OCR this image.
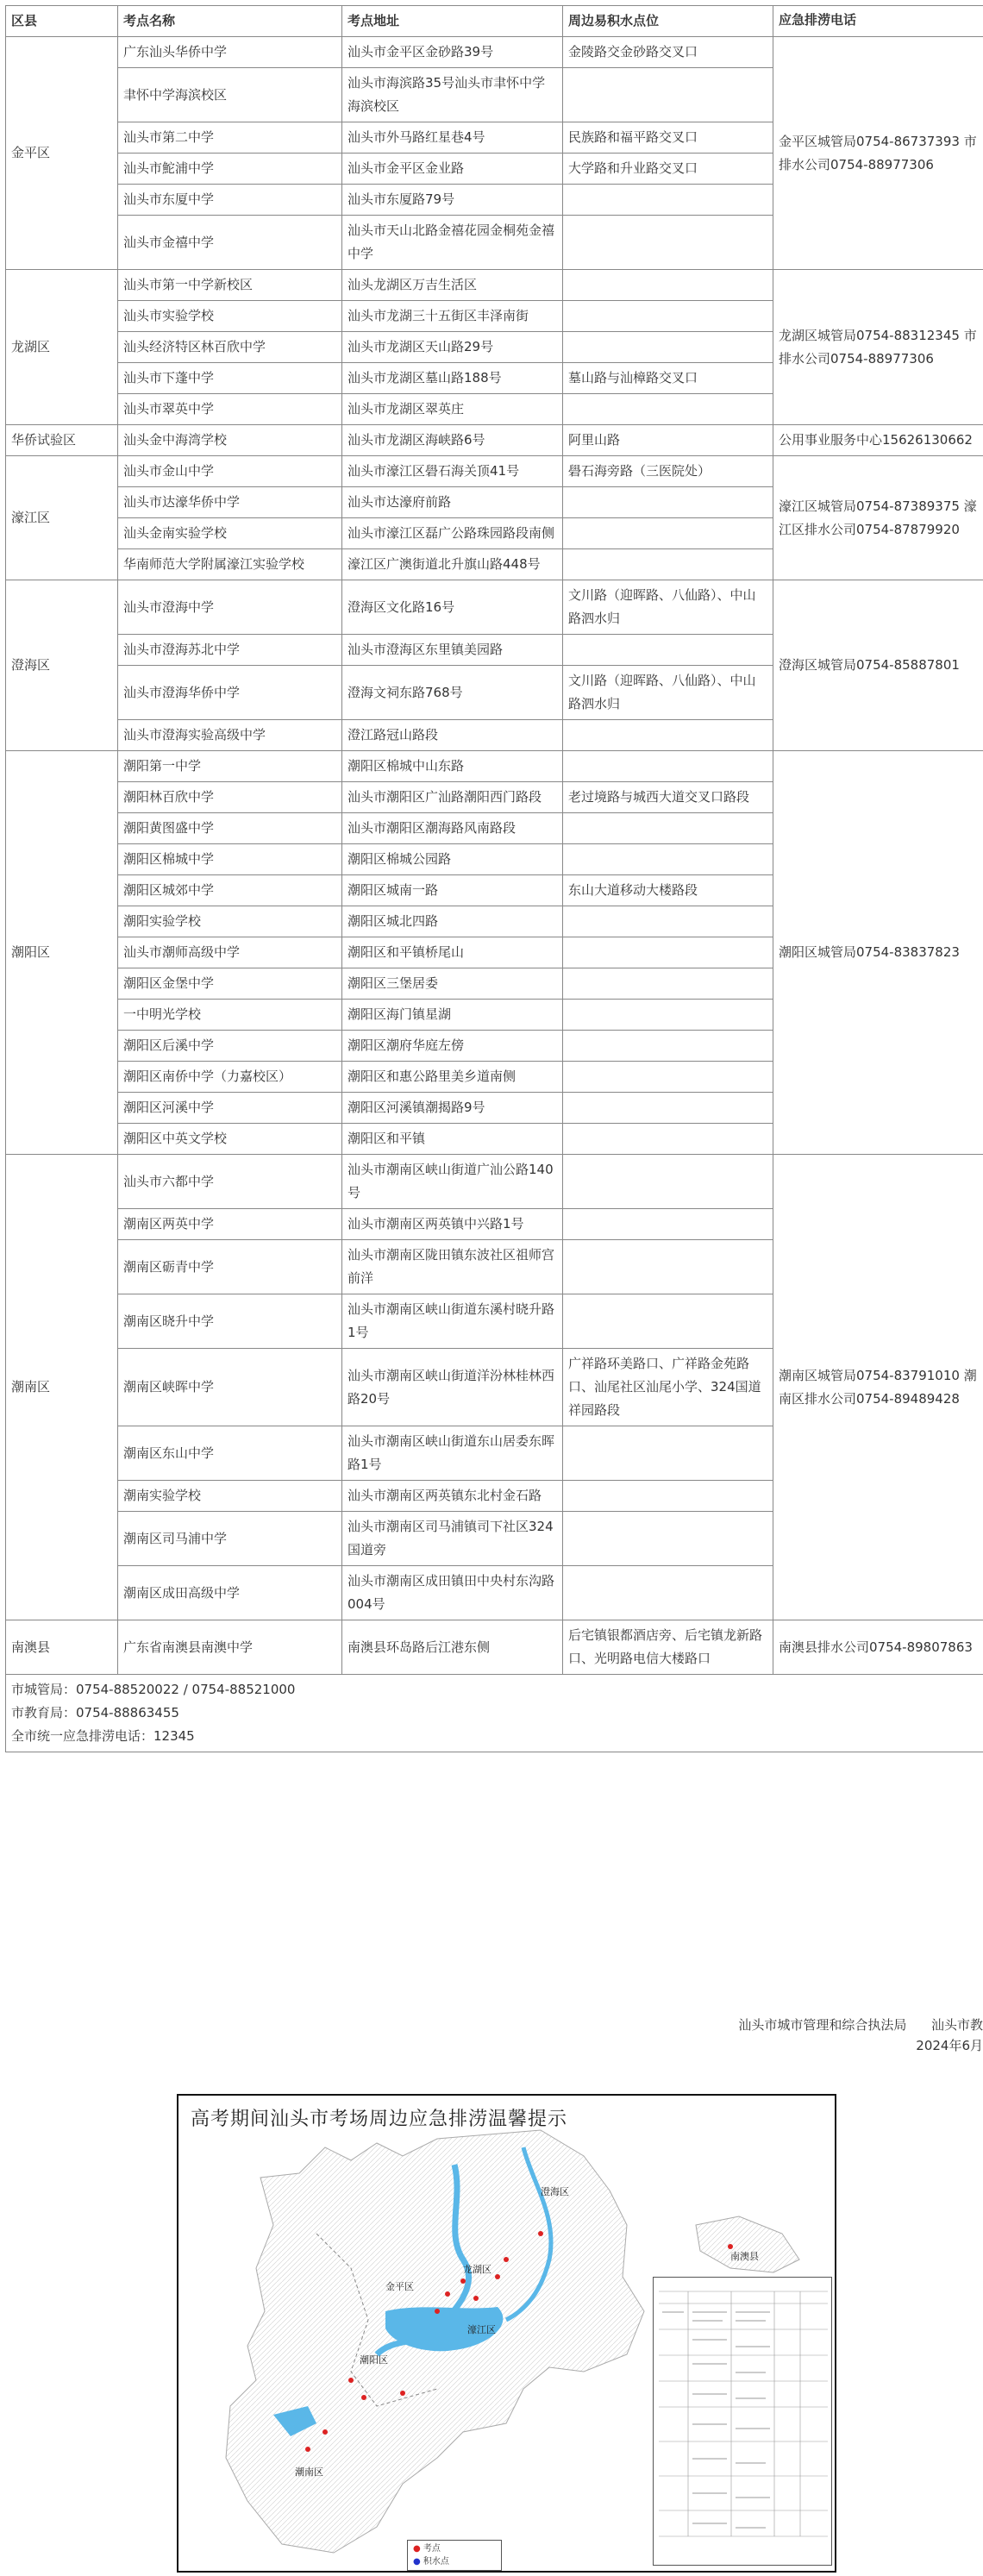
区县	考点名称	考点地址	周边易积水点位	应急排涝电话
金平区	广东汕头华侨中学	汕头市金平区金砂路39号	金陵路交金砂路交叉口	金平区城管局0754-86737393 市排水公司0754-88977306
	聿怀中学海滨校区	汕头市海滨路35号汕头市聿怀中学海滨校区		
	汕头市第二中学	汕头市外马路红星巷4号	民族路和福平路交叉口	
	汕头市鮀浦中学	汕头市金平区金业路	大学路和升业路交叉口	
	汕头市东厦中学	汕头市东厦路79号		
	汕头市金禧中学	汕头市天山北路金禧花园金桐苑金禧中学		
龙湖区	汕头市第一中学新校区	汕头龙湖区万吉生活区		龙湖区城管局0754-88312345 市排水公司0754-88977306
	汕头市实验学校	汕头市龙湖三十五街区丰泽南街		
	汕头经济特区林百欣中学	汕头市龙湖区天山路29号		
	汕头市下蓬中学	汕头市龙湖区墓山路188号	墓山路与汕樟路交叉口	
	汕头市翠英中学	汕头市龙湖区翠英庄		
华侨试验区	汕头金中海湾学校	汕头市龙湖区海峡路6号	阿里山路	公用事业服务中心15626130662
濠江区	汕头市金山中学	汕头市濠江区礐石海关顶41号	礐石海旁路（三医院处）	濠江区城管局0754-87389375 濠江区排水公司0754-87879920
	汕头市达濠华侨中学	汕头市达濠府前路		
	汕头金南实验学校	汕头市濠江区磊广公路珠园路段南侧		
	华南师范大学附属濠江实验学校	濠江区广澳街道北升旗山路448号		
澄海区	汕头市澄海中学	澄海区文化路16号	文川路（迎晖路、八仙路）、中山路泗水归	澄海区城管局0754-85887801
	汕头市澄海苏北中学	汕头市澄海区东里镇美园路		
	汕头市澄海华侨中学	澄海文祠东路768号	文川路（迎晖路、八仙路）、中山路泗水归	
	汕头市澄海实验高级中学	澄江路冠山路段		
潮阳区	潮阳第一中学	潮阳区棉城中山东路		潮阳区城管局0754-83837823
	潮阳林百欣中学	汕头市潮阳区广汕路潮阳西门路段	老过境路与城西大道交叉口路段	
	潮阳黄图盛中学	汕头市潮阳区潮海路风南路段		
	潮阳区棉城中学	潮阳区棉城公园路		
	潮阳区城郊中学	潮阳区城南一路	东山大道移动大楼路段	
	潮阳实验学校	潮阳区城北四路		
	汕头市潮师高级中学	潮阳区和平镇桥尾山		
	潮阳区金堡中学	潮阳区三堡居委		
	一中明光学校	潮阳区海门镇星湖		
	潮阳区后溪中学	潮阳区潮府华庭左傍		
	潮阳区南侨中学（力嘉校区）	潮阳区和惠公路里美乡道南侧		
	潮阳区河溪中学	潮阳区河溪镇潮揭路9号		
	潮阳区中英文学校	潮阳区和平镇		
潮南区	汕头市六都中学	汕头市潮南区峡山街道广汕公路140号		潮南区城管局0754-83791010 潮南区排水公司0754-89489428
	潮南区两英中学	汕头市潮南区两英镇中兴路1号		
	潮南区砺青中学	汕头市潮南区陇田镇东波社区祖师宫前洋		
	潮南区晓升中学	汕头市潮南区峡山街道东溪村晓升路1号		
	潮南区峡晖中学	汕头市潮南区峡山街道洋汾林桂林西路20号	广祥路环美路口、广祥路金苑路口、汕尾社区汕尾小学、324国道祥园路段	
	潮南区东山中学	汕头市潮南区峡山街道东山居委东晖路1号		
	潮南实验学校	汕头市潮南区两英镇东北村金石路		
	潮南区司马浦中学	汕头市潮南区司马浦镇司下社区324国道旁		
	潮南区成田高级中学	汕头市潮南区成田镇田中央村东沟路004号		
南澳县	广东省南澳县南澳中学	南澳县环岛路后江港东侧	后宅镇银都酒店旁、后宅镇龙新路口、光明路电信大楼路口	南澳县排水公司0754-89807863

市城管局：0754-88520022 / 0754-88521000
市教育局：0754-88863455
全市统一应急排涝电话：12345				
汕头市城市管理和综合执法局 汕头市教
2024年6月
高考期间汕头市考场周边应急排涝温馨提示
龙湖区
金平区
濠江区
澄海区
潮阳区
潮南区
南澳县
● 考点
● 积水点
